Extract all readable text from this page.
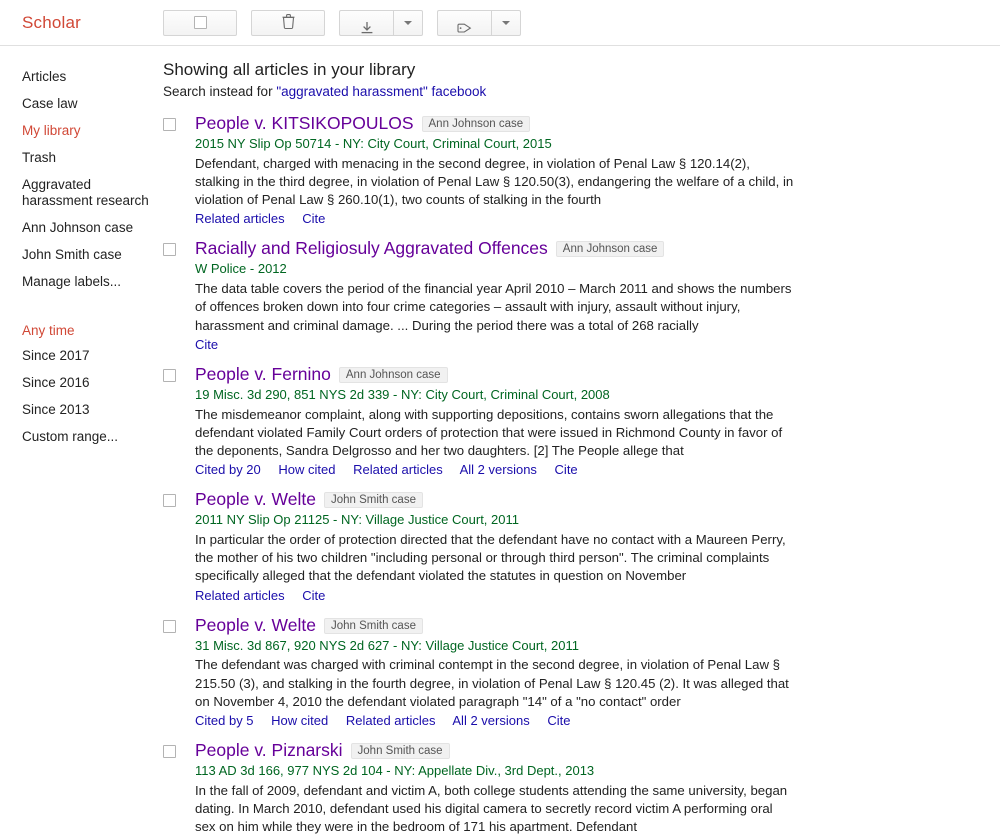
Scholar
Articles
Case law
My library
Trash
Aggravated harassment research
Ann Johnson case
John Smith case
Manage labels...
Any time
Since 2017
Since 2016
Since 2013
Custom range...
Showing all articles in your library
Search instead for "aggravated harassment" facebook
People v. KITSIKOPOULOS	Ann Johnson case
2015 NY Slip Op 50714 - NY: City Court, Criminal Court, 2015
Defendant, charged with menacing in the second degree, in violation of Penal Law § 120.14(2), stalking in the third degree, in violation of Penal Law § 120.50(3), endangering the welfare of a child, in violation of Penal Law § 260.10(1), two counts of stalking in the fourth
Related articles Cite
Racially and Religiosuly Aggravated Offences	Ann Johnson case
W Police - 2012
The data table covers the period of the financial year April 2010 – March 2011 and shows the numbers of offences broken down into four crime categories – assault with injury, assault without injury, harassment and criminal damage. ... During the period there was a total of 268 racially
Cite
People v. Fernino	Ann Johnson case
19 Misc. 3d 290, 851 NYS 2d 339 - NY: City Court, Criminal Court, 2008
The misdemeanor complaint, along with supporting depositions, contains sworn allegations that the defendant violated Family Court orders of protection that were issued in Richmond County in favor of the deponents, Sandra Delgrosso and her two daughters. [2] The People allege that
Cited by 20 How cited Related articles All 2 versions Cite
People v. Welte	John Smith case
2011 NY Slip Op 21125 - NY: Village Justice Court, 2011
In particular the order of protection directed that the defendant have no contact with a Maureen Perry, the mother of his two children "including personal or through third person". The criminal complaints specifically alleged that the defendant violated the statutes in question on November
Related articles Cite
People v. Welte	John Smith case
31 Misc. 3d 867, 920 NYS 2d 627 - NY: Village Justice Court, 2011
The defendant was charged with criminal contempt in the second degree, in violation of Penal Law § 215.50 (3), and stalking in the fourth degree, in violation of Penal Law § 120.45 (2). It was alleged that on November 4, 2010 the defendant violated paragraph "14" of a "no contact" order
Cited by 5 How cited Related articles All 2 versions Cite
People v. Piznarski	John Smith case
113 AD 3d 166, 977 NYS 2d 104 - NY: Appellate Div., 3rd Dept., 2013
In the fall of 2009, defendant and victim A, both college students attending the same university, began dating. In March 2010, defendant used his digital camera to secretly record victim A performing oral sex on him while they were in the bedroom of 171 his apartment. Defendant
